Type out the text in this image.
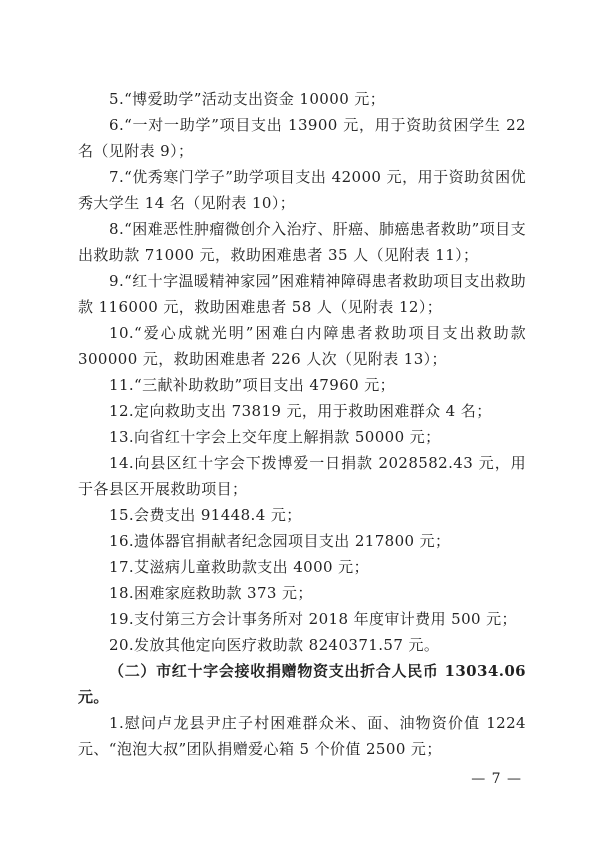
5.“博爱助学”活动支出资金 10000 元；

6.“一对一助学”项目支出 13900 元，用于资助贫困学生 22 名（见附表 9）；

7.“优秀寒门学子”助学项目支出 42000 元，用于资助贫困优秀大学生 14 名（见附表 10）；

8.“困难恶性肿瘤微创介入治疗、肝癌、肺癌患者救助”项目支出救助款 71000 元，救助困难患者 35 人（见附表 11）；

9.“红十字温暖精神家园”困难精神障碍患者救助项目支出救助款 116000 元，救助困难患者 58 人（见附表 12）；

10.“爱心成就光明”困难白内障患者救助项目支出救助款 300000 元，救助困难患者 226 人次（见附表 13）；

11.“三献补助救助”项目支出 47960 元；

12.定向救助支出 73819 元，用于救助困难群众 4 名；

13.向省红十字会上交年度上解捐款 50000 元；

14.向县区红十字会下拨博爱一日捐款 2028582.43 元，用于各县区开展救助项目；

15.会费支出 91448.4 元；

16.遗体器官捐献者纪念园项目支出 217800 元；

17.艾滋病儿童救助款支出 4000 元；

18.困难家庭救助款 373 元；

19.支付第三方会计事务所对 2018 年度审计费用 500 元；

20.发放其他定向医疗救助款 8240371.57 元。

（二）市红十字会接收捐赠物资支出折合人民币 13034.06 元。

1.慰问卢龙县尹庄子村困难群众米、面、油物资价值 1224 元、“泡泡大叔”团队捐赠爱心箱 5 个价值 2500 元；

— 7 —
